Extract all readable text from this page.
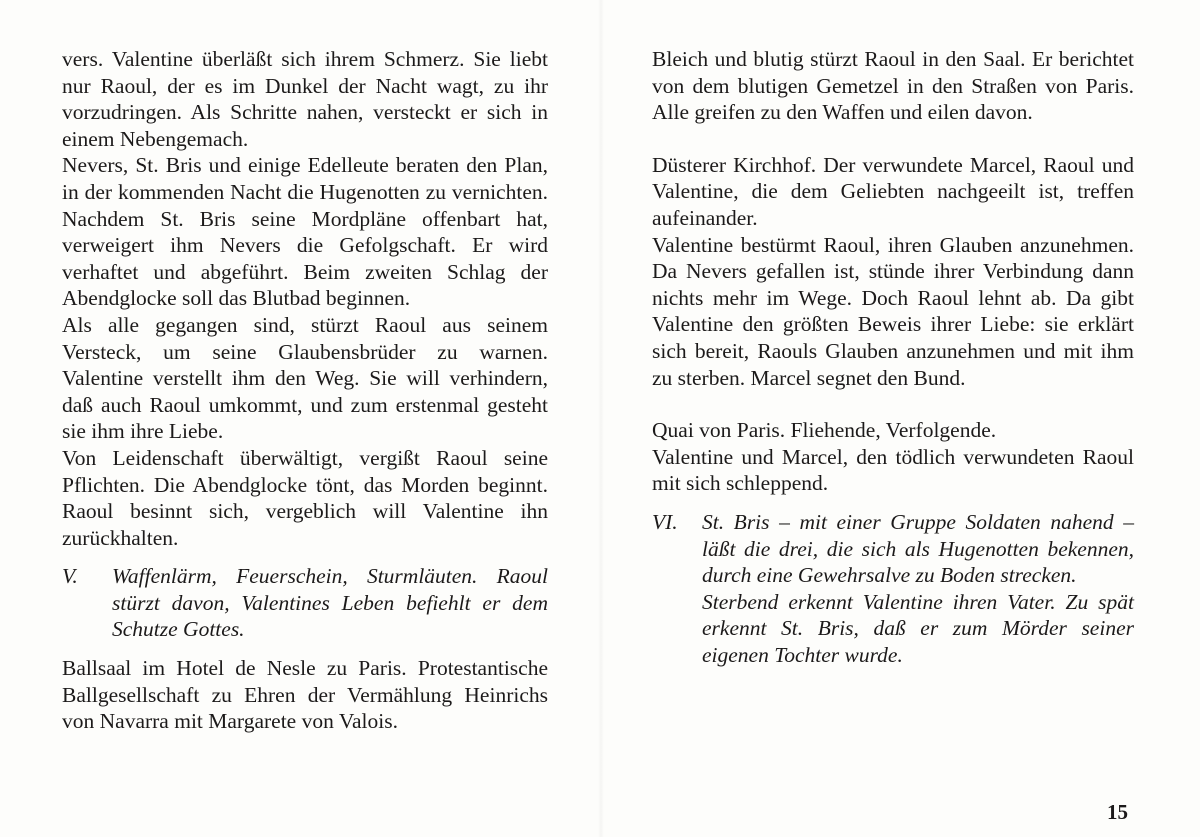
vers. Valentine überläßt sich ihrem Schmerz. Sie liebt nur Raoul, der es im Dunkel der Nacht wagt, zu ihr vorzudringen. Als Schritte nahen, versteckt er sich in einem Nebengemach.

Nevers, St. Bris und einige Edelleute beraten den Plan, in der kommenden Nacht die Hugenotten zu vernichten. Nachdem St. Bris seine Mordpläne offenbart hat, verweigert ihm Nevers die Gefolgschaft. Er wird verhaftet und abgeführt. Beim zweiten Schlag der Abendglocke soll das Blutbad beginnen.

Als alle gegangen sind, stürzt Raoul aus seinem Versteck, um seine Glaubensbrüder zu warnen. Valentine verstellt ihm den Weg. Sie will verhindern, daß auch Raoul umkommt, und zum erstenmal gesteht sie ihm ihre Liebe.

Von Leidenschaft überwältigt, vergißt Raoul seine Pflichten. Die Abendglocke tönt, das Morden beginnt. Raoul besinnt sich, vergeblich will Valentine ihn zurückhalten.

V.	Waffenlärm, Feuerschein, Sturmläuten. Raoul stürzt davon, Valentines Leben befiehlt er dem Schutze Gottes.

Ballsaal im Hotel de Nesle zu Paris. Protestantische Ballgesellschaft zu Ehren der Vermählung Heinrichs von Navarra mit Margarete von Valois.

Bleich und blutig stürzt Raoul in den Saal. Er berichtet von dem blutigen Gemetzel in den Straßen von Paris. Alle greifen zu den Waffen und eilen davon.

Düsterer Kirchhof. Der verwundete Marcel, Raoul und Valentine, die dem Geliebten nachgeeilt ist, treffen aufeinander.

Valentine bestürmt Raoul, ihren Glauben anzunehmen. Da Nevers gefallen ist, stünde ihrer Verbindung dann nichts mehr im Wege. Doch Raoul lehnt ab. Da gibt Valentine den größten Beweis ihrer Liebe: sie erklärt sich bereit, Raouls Glauben anzunehmen und mit ihm zu sterben. Marcel segnet den Bund.

Quai von Paris. Fliehende, Verfolgende.

Valentine und Marcel, den tödlich verwundeten Raoul mit sich schleppend.

VI.	St. Bris – mit einer Gruppe Soldaten nahend – läßt die drei, die sich als Hugenotten bekennen, durch eine Gewehrsalve zu Boden strecken.

Sterbend erkennt Valentine ihren Vater. Zu spät erkennt St. Bris, daß er zum Mörder seiner eigenen Tochter wurde.

15
